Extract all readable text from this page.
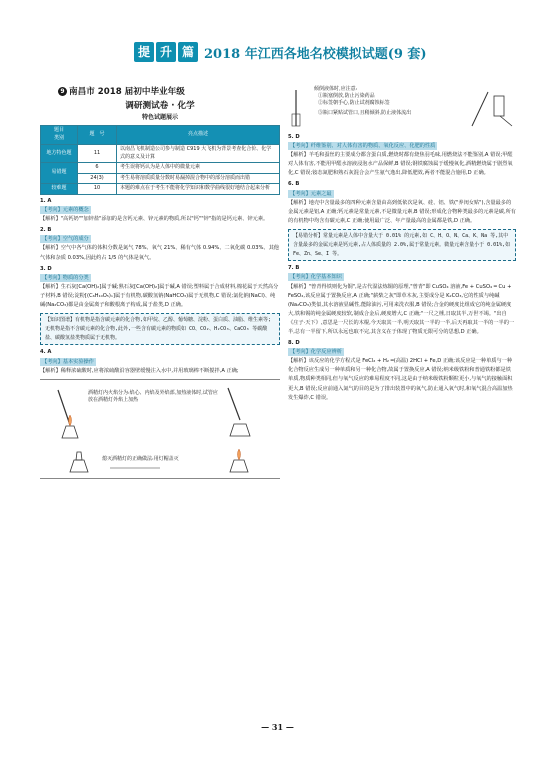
提 升 篇 2018 年江西各地名校模拟试题(9 套)
9 南昌市 2018 届初中毕业年级
调研测试卷 · 化学
特色试题展示
题目
类别	题　号	亮点描述
地方特色题	11	以南昌飞机制造公司参与制造 C919 大飞机为背景考查化合价、化学式的意义及计算
易错题	6	考生误将钙认为是人体中的微量元素
	24(3)	考生易将溶质质量分数时易漏掉混合物中的部分溶质而出错
较难题	10	本题的难点在于考生不能将化学知识和数学曲线很好地结合起来分析
1. A
【考向】元素的概念
【解析】"高钙奶""加锌盐"添加的是含钙元素、锌元素的物质,所以"钙""锌"指的是钙元素、锌元素。
2. B
【考向】空气的成分
【解析】空气中各气体的体积分数是氮气 78%、氧气 21%、稀有气体 0.94%、二氧化碳 0.03%、其他气体和杂质 0.03%,因此约占 1/5 的气体是氧气。
3. D
【考向】物质的分类
【解析】生石灰[Ca(OH)₂]属于碱;熟石灰[Ca(OH)₂]属于碱,A 错误;塑料属于合成材料,棉花属于天然高分子材料,B 错误;淀粉[(C₆H₁₀O₅)ₙ]属于有机物,碳酸氢钠(NaHCO₃)属于无机物,C 错误;氯化钠(NaCl)、纯碱(Na₂CO₃)都是由金属离子和酸根离子构成,属于盐类,D 正确。
【知识图谱】有机物是指含碳元素的化合物,如甲烷、乙醇、葡萄糖、淀粉、蛋白质、油脂、维生素等;无机物是指不含碳元素的化合物,此外,一些含有碳元素的物质如 CO、CO₂、H₂CO₃、CaCO₃ 等碳酸盐、碳酸氢盐类物质属于无机物。
4. A
【考向】基本实验操作
【解析】稀释浓硫酸时,应将浓硫酸沿容器壁缓慢注入水中,并用玻璃棒不断搅拌,A 正确;
酒精灯内火焰分为:焰心、内焰及外焰部,加热液体时,试管应放在酒精灯外焰上加热
熄灭酒精灯的正确做法:用灯帽盖灭
倾倒液体时,应注意:
①瓶塞倒放,防止污染药品
②标签朝手心,防止试剂腐蚀标签
③瓶口紧贴试管口,且稍倾斜,防止液体流出
5. D
【考向】纤维鉴别、对人体有害的物质、氧化反应、化肥的性质
【解析】羊毛和蚕丝的主要成分都含蛋白质,燃烧时都有烧焦羽毛味,用燃烧法不能鉴别,A 错误;甲醛对人体有害,不能用甲醛水溶液浸泡水产品保鲜,B 错误;钢铁腐蚀属于缓慢氧化,酒精燃烧属于剧烈氧化,C 错误;铵态氮肥和熟石灰混合会产生氨气逸出,降低肥效,两者不能混合施用,D 正确。
6. B
【考向】元素之最
【解析】地壳中含量最多的四种元素含量由高到低依次是氧、硅、铝、铁("养闺女贴"),含量最多的金属元素是铝,A 正确;钙元素是常量元素,不是微量元素,B 错误;形成化合物种类最多的元素是碳,所有的有机物中均含有碳元素,C 正确;使用最广泛、年产量最高的金属都是铁,D 正确。
【易错分析】常量元素是人体中含量大于 0.01% 的元素,如 C、H、O、N、Ca、K、Na 等,其中含量最多的金属元素是钙元素,占人体质量的 2.0%,属于常量元素。微量元素含量小于 0.01%,如 Fe、Zn、Se、I 等。
7. B
【考向】化学基本知识
【解析】"曾青得铁则化为铜",是古代湿法炼铜的原理,"曾青"即 CuSO₄ 溶液,Fe + CuSO₄ ═ Cu + FeSO₄,该反应属于置换反应,A 正确;"薪柴之灰"即草木灰,主要成分是 K₂CO₃,它的性质与纯碱(Na₂CO₃)类似,其水溶液显碱性,能除油污,可用来洗衣服,B 错误;合金的硬度比组成它的纯金属硬度大,铁和锡的纯金属硬度较软,制成合金后,硬度增大,C 正确;"一尺之棰,日取其半,万世不竭。"出自《庄子·天下》,意思是一尺长的木棍,今天取其一半,明天取其一半的一半,后天再取其一半的一半的一半,总有一半留下,所以永远也取不完,其含义在于体现了物质无限可分的思想,D 正确。
8. D
【考向】化学反应辨析
【解析】该反应的化学方程式是 FeCl₂ + H₂ ═(高温) 2HCl + Fe,D 正确;该反应是一种单质与一种化合物反应生成另一种单质和另一种化合物,故属于置换反应,A 错误;纳米级铁粉和普通铁粉都是铁单质,物质种类相同,但与氧气反应的难易程度不同,这是由于纳米级铁粉颗粒更小,与氧气的接触面积更大,B 错误;反应前通入氮气的目的是为了排出装置中的氧气,防止通入氧气时,和氧气混合高温加热发生爆炸,C 错误。
— 31 —
